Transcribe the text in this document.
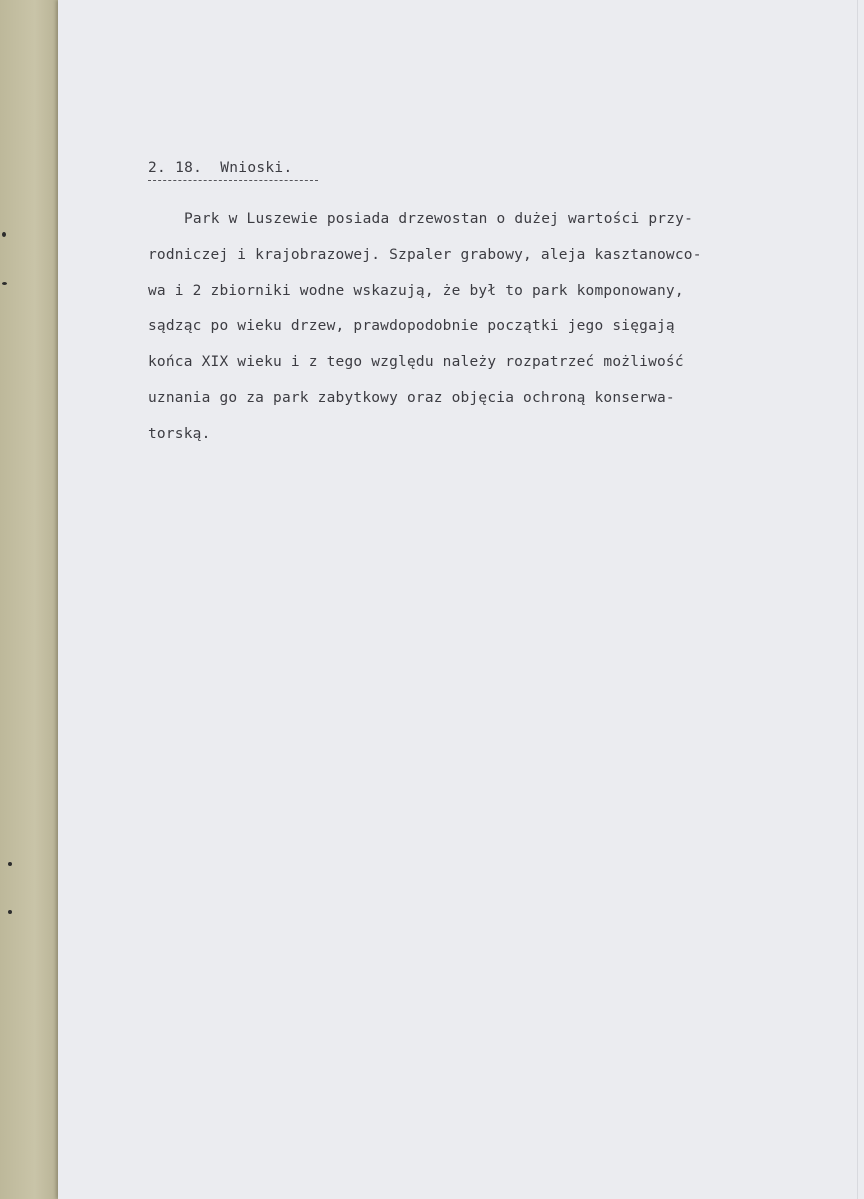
2. 18.  Wnioski.
Park w Luszewie posiada drzewostan o dużej wartości przy-
rodniczej i krajobrazowej. Szpaler grabowy, aleja kasztanowco-
wa i 2 zbiorniki wodne wskazują, że był to park komponowany,
sądząc po wieku drzew, prawdopodobnie początki jego sięgają
końca XIX wieku i z tego względu należy rozpatrzeć możliwość
uznania go za park zabytkowy oraz objęcia ochroną konserwa-
torską.
